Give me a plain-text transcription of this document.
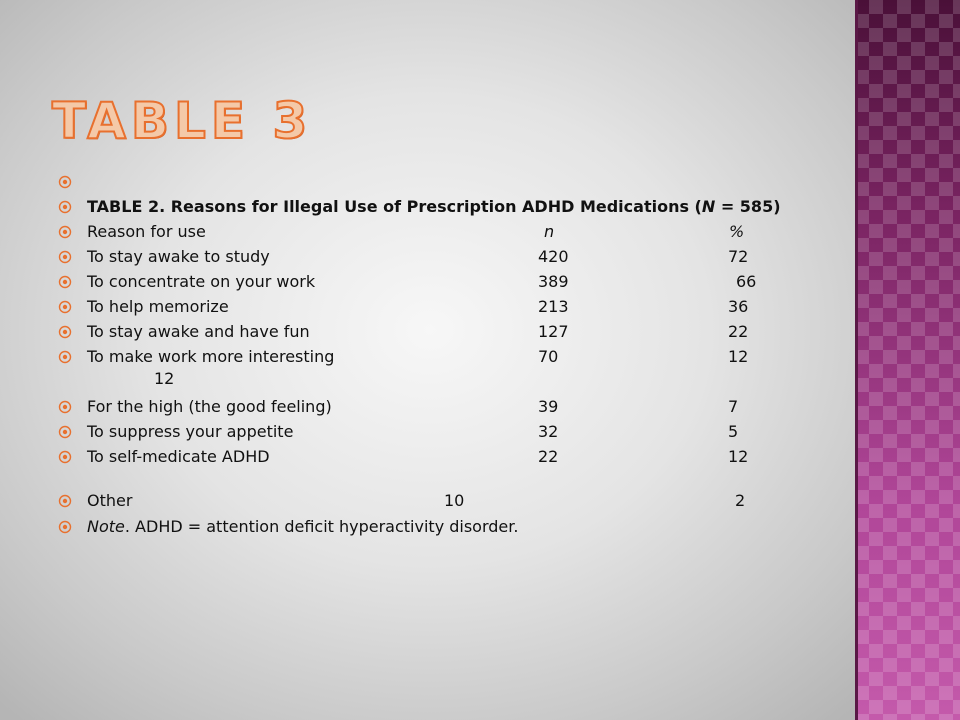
TABLE 3
TABLE 2. Reasons for Illegal Use of Prescription ADHD Medications (N = 585)
Reason for use	n	%
To stay awake to study	420	72
To concentrate on your work	389	66
To help memorize	213	36
To stay awake and have fun	127	22
To make work more interesting	70	12
12
For the high (the good feeling)	39	7
To suppress your appetite	32	5
To self-medicate ADHD	22	12
Other	10	2
Note. ADHD = attention deficit hyperactivity disorder.
